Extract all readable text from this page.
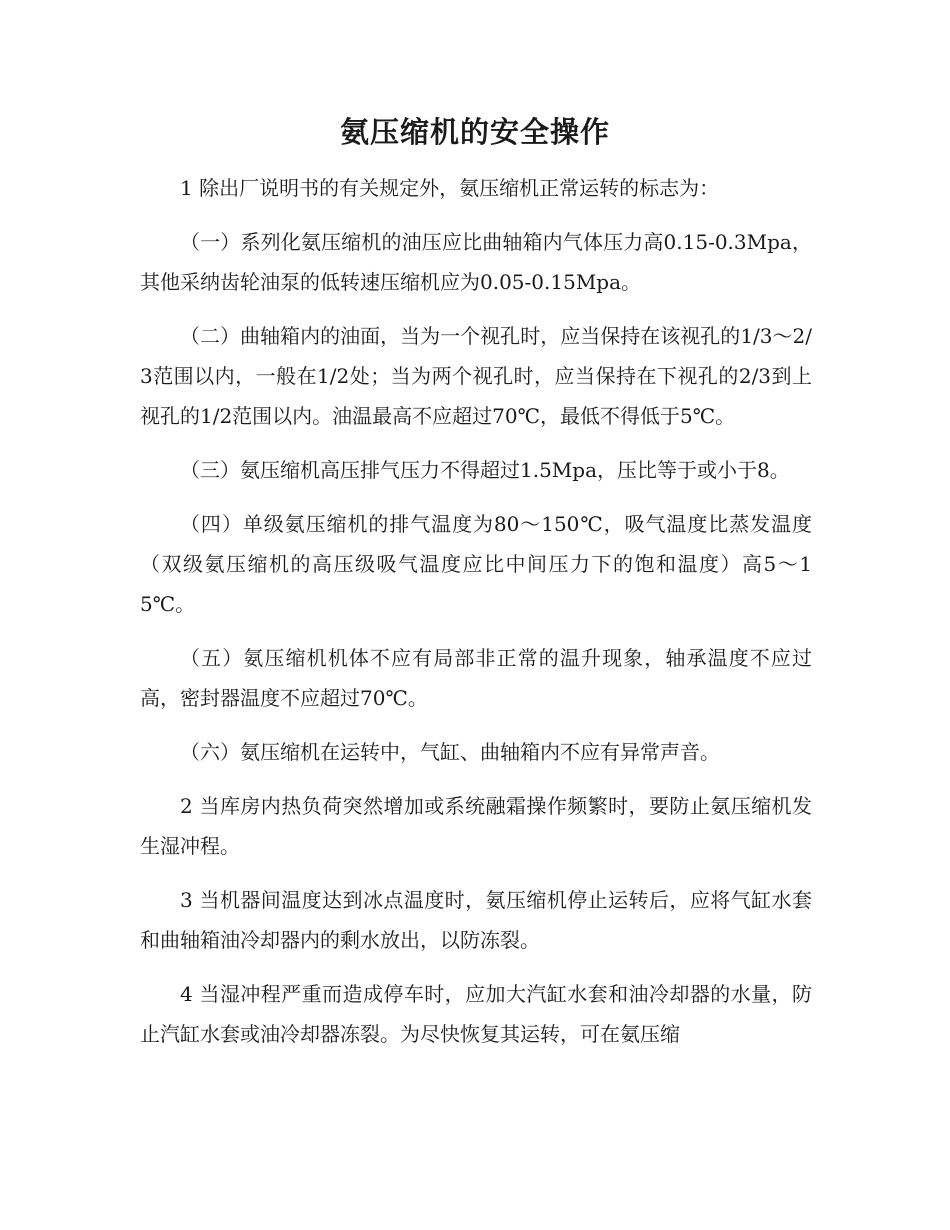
氨压缩机的安全操作

1 除出厂说明书的有关规定外，氨压缩机正常运转的标志为：

（一）系列化氨压缩机的油压应比曲轴箱内气体压力高0.15-0.3Mpa，其他采纳齿轮油泵的低转速压缩机应为0.05-0.15Mpa。

（二）曲轴箱内的油面，当为一个视孔时，应当保持在该视孔的1/3～2/3范围以内，一般在1/2处；当为两个视孔时，应当保持在下视孔的2/3到上视孔的1/2范围以内。油温最高不应超过70℃，最低不得低于5℃。

（三）氨压缩机高压排气压力不得超过1.5Mpa，压比等于或小于8。

（四）单级氨压缩机的排气温度为80～150℃，吸气温度比蒸发温度（双级氨压缩机的高压级吸气温度应比中间压力下的饱和温度）高5～15℃。

（五）氨压缩机机体不应有局部非正常的温升现象，轴承温度不应过高，密封器温度不应超过70℃。

（六）氨压缩机在运转中，气缸、曲轴箱内不应有异常声音。

2 当库房内热负荷突然增加或系统融霜操作频繁时，要防止氨压缩机发生湿冲程。

3 当机器间温度达到冰点温度时，氨压缩机停止运转后，应将气缸水套和曲轴箱油冷却器内的剩水放出，以防冻裂。

4 当湿冲程严重而造成停车时，应加大汽缸水套和油冷却器的水量，防止汽缸水套或油冷却器冻裂。为尽快恢复其运转，可在氨压缩
